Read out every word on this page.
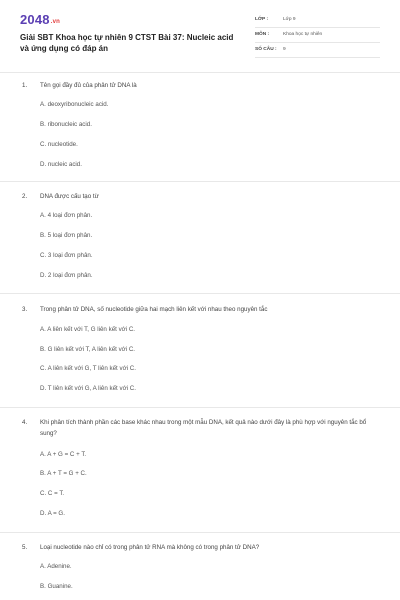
2048.vn
Giải SBT Khoa học tự nhiên 9 CTST Bài 37: Nucleic acid và ứng dụng có đáp án
LỚP :	Lớp 9
MÔN :	Khoa học tự nhiên
SỐ CÂU : 9
1. Tên gọi đầy đủ của phân tử DNA là
A. deoxyribonucleic acid.
B. ribonucleic acid.
C. nucleotide.
D. nucleic acid.
2. DNA được cấu tạo từ
A. 4 loại đơn phân.
B. 5 loại đơn phân.
C. 3 loại đơn phân.
D. 2 loại đơn phân.
3. Trong phân tử DNA, số nucleotide giữa hai mạch liên kết với nhau theo nguyên tắc
A. A liên kết với T, G liên kết với C.
B. G liên kết với T, A liên kết với C.
C. A liên kết với G, T liên kết với C.
D. T liên kết với G, A liên kết với C.
4. Khi phân tích thành phần các base khác nhau trong một mẫu DNA, kết quả nào dưới đây là phù hợp với nguyên tắc bổ sung?
A. A + G = C + T.
B. A + T = G + C.
C. C = T.
D. A = G.
5. Loại nucleotide nào chỉ có trong phân tử RNA mà không có trong phân tử DNA?
A. Adenine.
B. Guanine.
